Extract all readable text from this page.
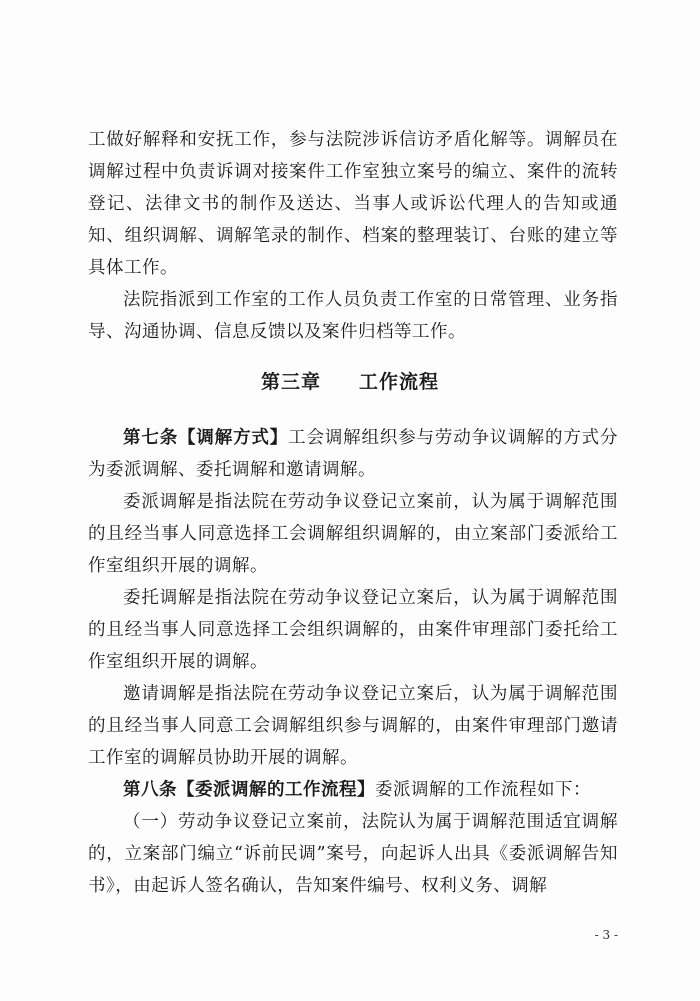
工做好解释和安抚工作，参与法院涉诉信访矛盾化解等。调解员在调解过程中负责诉调对接案件工作室独立案号的编立、案件的流转登记、法律文书的制作及送达、当事人或诉讼代理人的告知或通知、组织调解、调解笔录的制作、档案的整理装订、台账的建立等具体工作。

法院指派到工作室的工作人员负责工作室的日常管理、业务指导、沟通协调、信息反馈以及案件归档等工作。

第三章 工作流程

第七条【调解方式】工会调解组织参与劳动争议调解的方式分为委派调解、委托调解和邀请调解。

委派调解是指法院在劳动争议登记立案前，认为属于调解范围的且经当事人同意选择工会调解组织调解的，由立案部门委派给工作室组织开展的调解。

委托调解是指法院在劳动争议登记立案后，认为属于调解范围的且经当事人同意选择工会组织调解的，由案件审理部门委托给工作室组织开展的调解。

邀请调解是指法院在劳动争议登记立案后，认为属于调解范围的且经当事人同意工会调解组织参与调解的，由案件审理部门邀请工作室的调解员协助开展的调解。

第八条【委派调解的工作流程】委派调解的工作流程如下：

（一）劳动争议登记立案前，法院认为属于调解范围适宜调解的，立案部门编立“诉前民调”案号，向起诉人出具《委派调解告知书》，由起诉人签名确认，告知案件编号、权利义务、调解

- 3 -
